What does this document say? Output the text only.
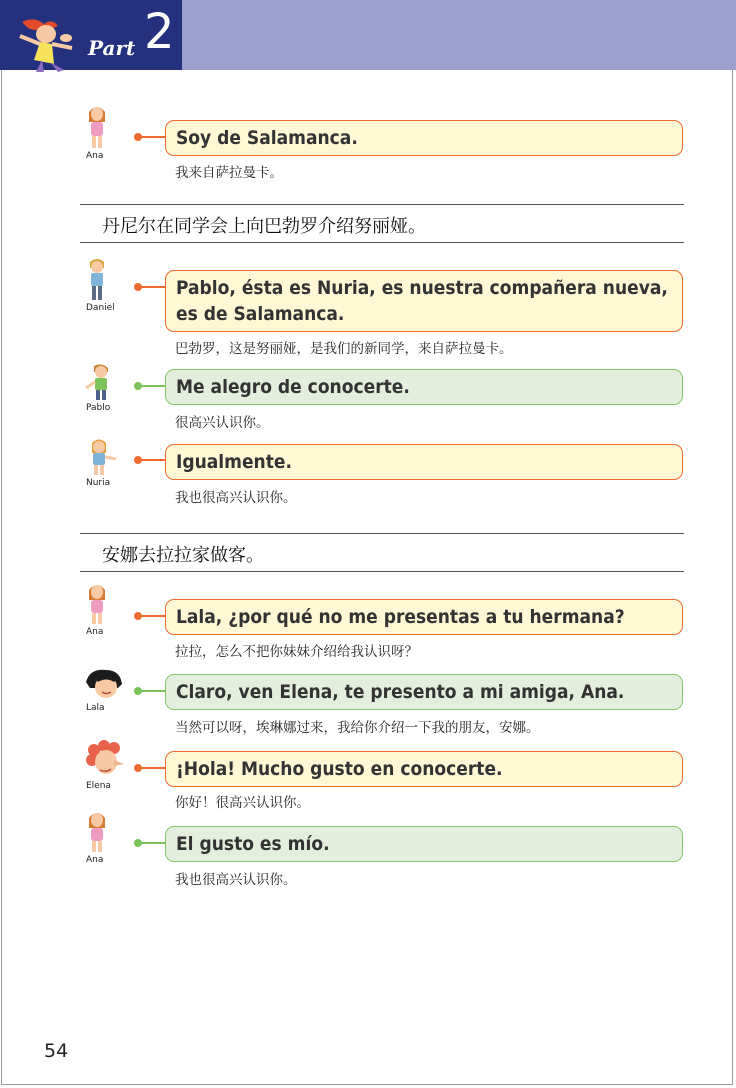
Part 2
Ana
Soy de Salamanca.
我来自萨拉曼卡。
丹尼尔在同学会上向巴勃罗介绍努丽娅。
Daniel
Pablo, ésta es Nuria, es nuestra compañera nueva, es de Salamanca.
巴勃罗，这是努丽娅，是我们的新同学，来自萨拉曼卡。
Pablo
Me alegro de conocerte.
很高兴认识你。
Nuria
Igualmente.
我也很高兴认识你。
安娜去拉拉家做客。
Ana
Lala, ¿por qué no me presentas a tu hermana?
拉拉，怎么不把你妹妹介绍给我认识呀？
Lala
Claro, ven Elena, te presento a mi amiga, Ana.
当然可以呀，埃琳娜过来，我给你介绍一下我的朋友，安娜。
Elena
¡Hola! Mucho gusto en conocerte.
你好！很高兴认识你。
Ana
El gusto es mío.
我也很高兴认识你。
54
